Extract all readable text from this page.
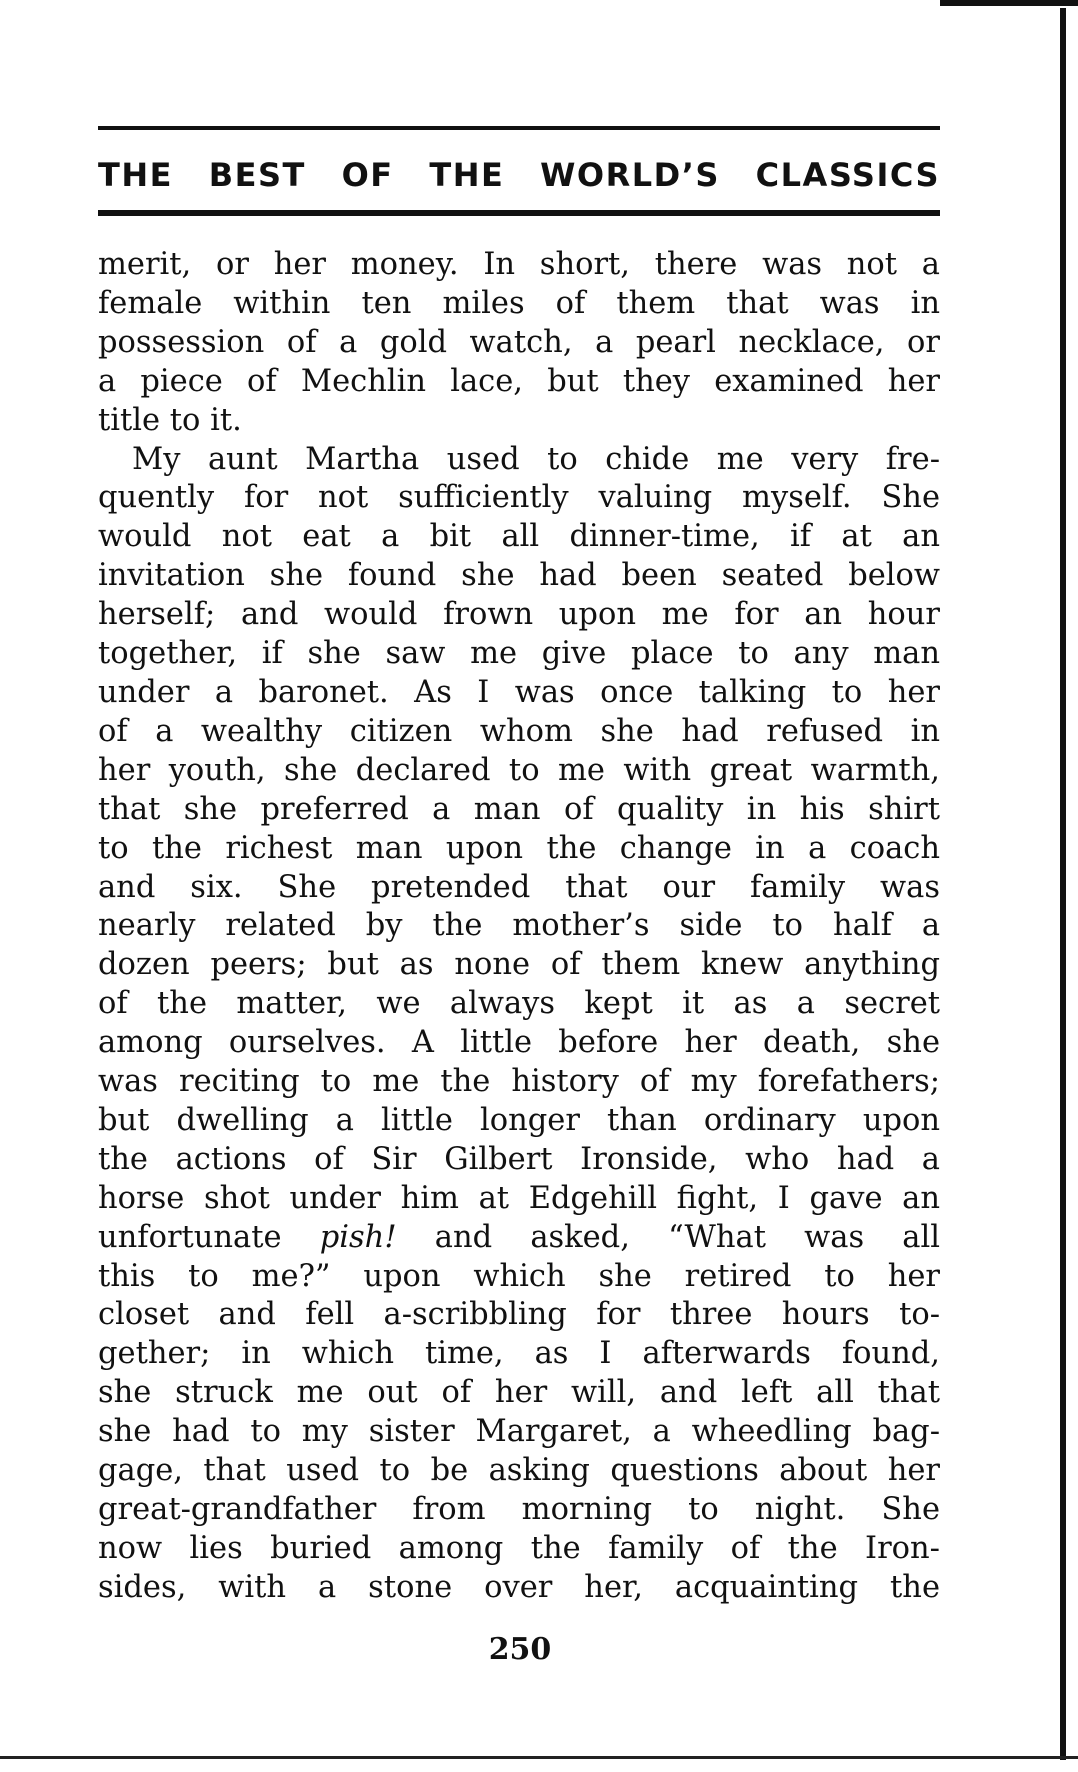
THE BEST OF THE WORLD’S CLASSICS
merit, or her money. In short, there was not a
female within ten miles of them that was in
possession of a gold watch, a pearl necklace, or
a piece of Mechlin lace, but they examined her
title to it.
My aunt Martha used to chide me very fre-
quently for not sufficiently valuing myself. She
would not eat a bit all dinner-time, if at an
invitation she found she had been seated below
herself; and would frown upon me for an hour
together, if she saw me give place to any man
under a baronet. As I was once talking to her
of a wealthy citizen whom she had refused in
her youth, she declared to me with great warmth,
that she preferred a man of quality in his shirt
to the richest man upon the change in a coach
and six. She pretended that our family was
nearly related by the mother’s side to half a
dozen peers; but as none of them knew anything
of the matter, we always kept it as a secret
among ourselves. A little before her death, she
was reciting to me the history of my forefathers;
but dwelling a little longer than ordinary upon
the actions of Sir Gilbert Ironside, who had a
horse shot under him at Edgehill fight, I gave an
unfortunate pish! and asked, “What was all
this to me?” upon which she retired to her
closet and fell a-scribbling for three hours to-
gether; in which time, as I afterwards found,
she struck me out of her will, and left all that
she had to my sister Margaret, a wheedling bag-
gage, that used to be asking questions about her
great-grandfather from morning to night. She
now lies buried among the family of the Iron-
sides, with a stone over her, acquainting the
250
